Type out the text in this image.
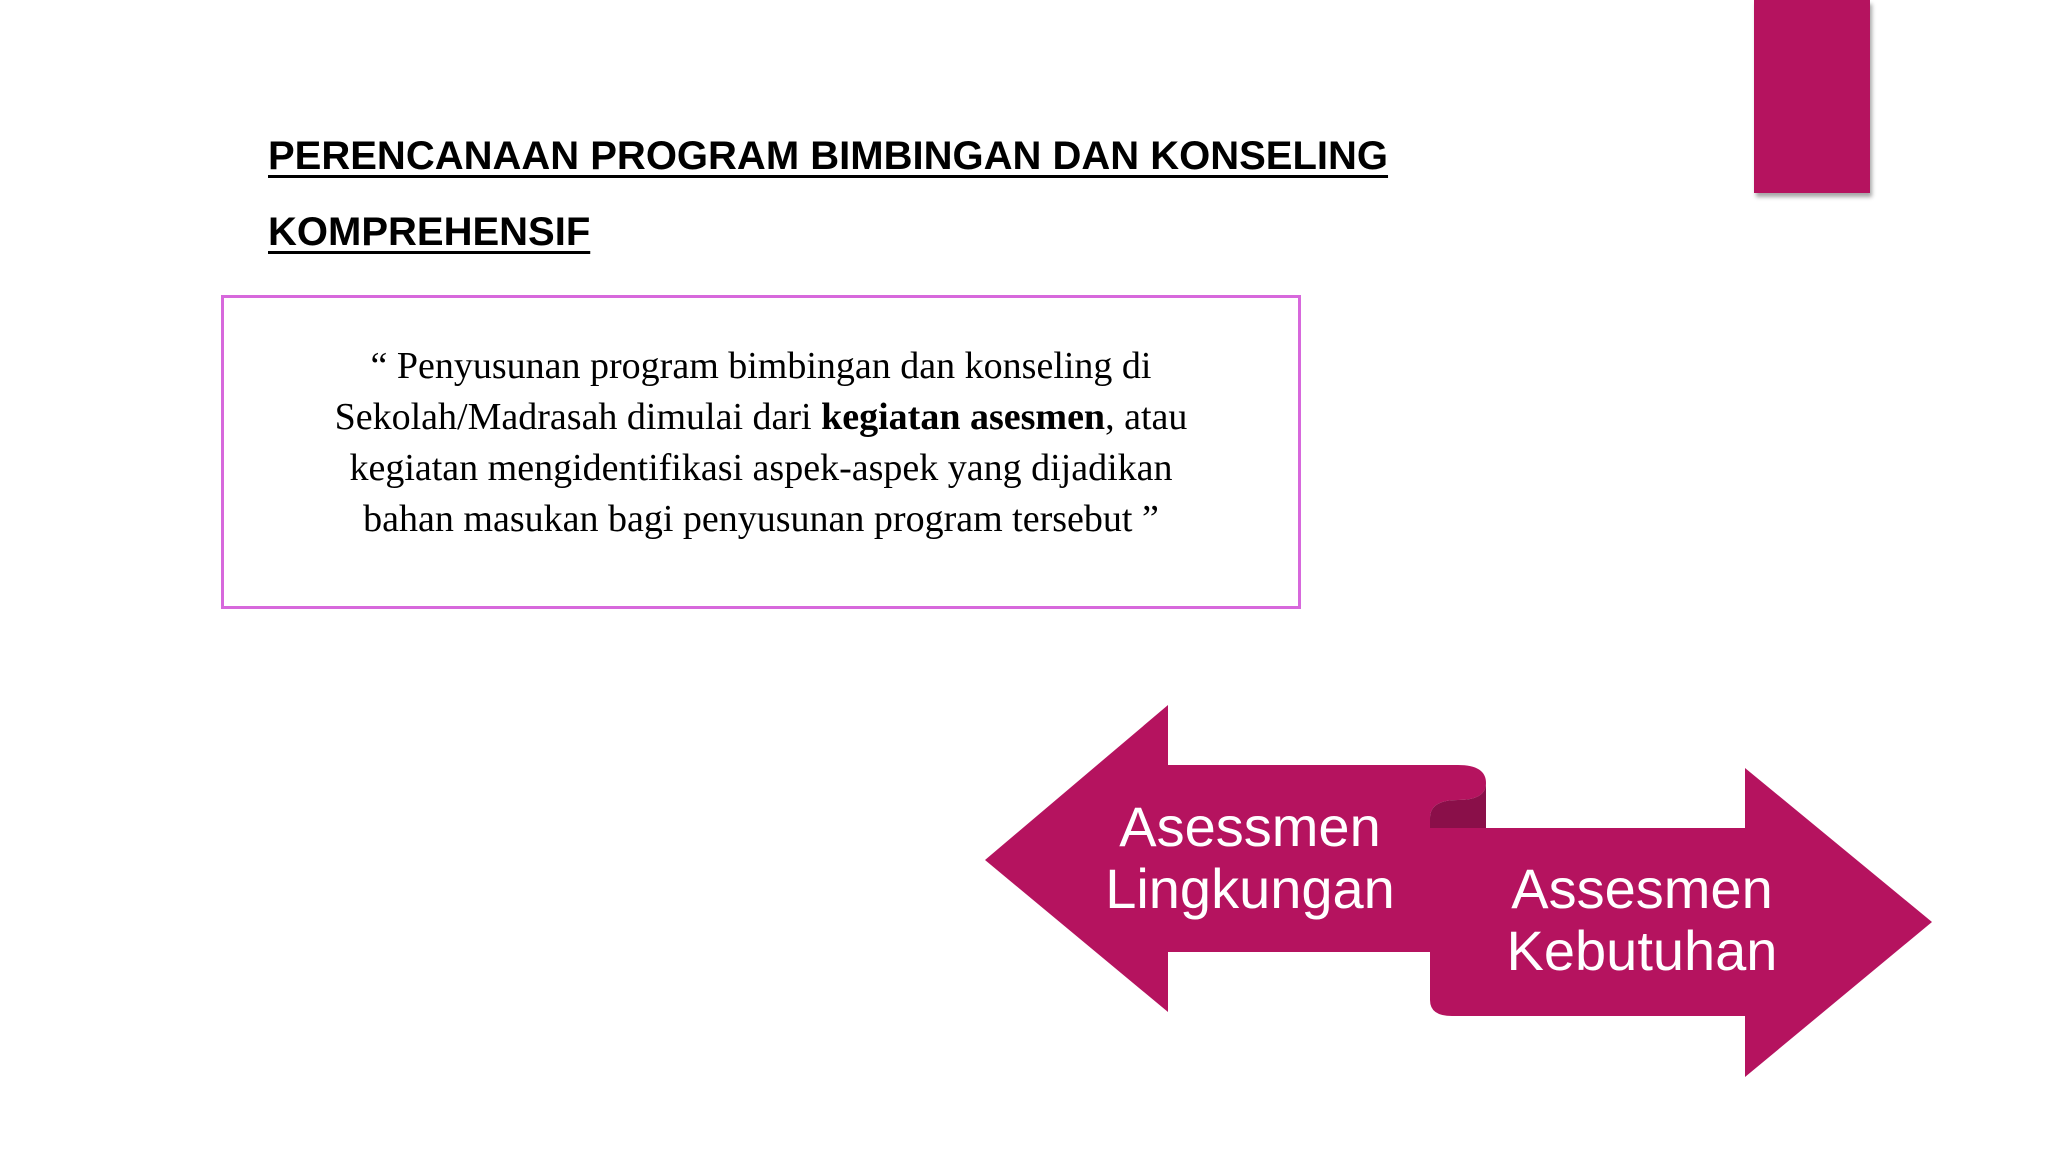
PERENCANAAN PROGRAM BIMBINGAN DAN KONSELING
KOMPREHENSIF
“ Penyusunan program bimbingan dan konseling di
Sekolah/Madrasah dimulai dari kegiatan asesmen, atau
kegiatan mengidentifikasi aspek-aspek yang dijadikan
bahan masukan bagi penyusunan program tersebut ”
Asessmen
Lingkungan Assesmen
Kebutuhan
